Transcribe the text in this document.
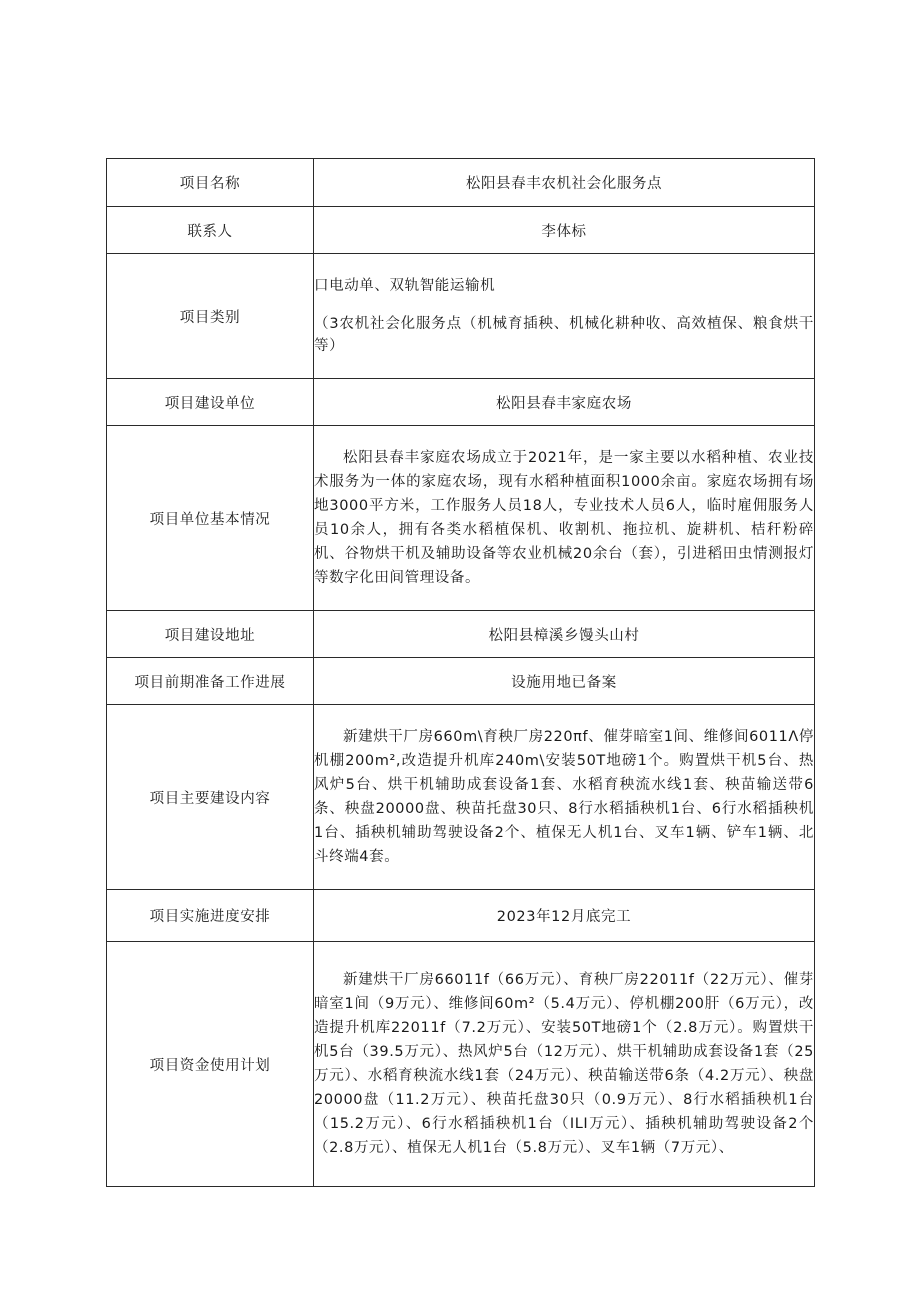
项目名称	松阳县春丰农机社会化服务点
联系人	李体标
项目类别	口电动单、双轨智能运输机
（3农机社会化服务点（机械育插秧、机械化耕种收、高效植保、粮食烘干等）

项目建设单位	松阳县春丰家庭农场
项目单位基本情况	松阳县春丰家庭农场成立于2021年，是一家主要以水稻种植、农业技术服务为一体的家庭农场，现有水稻种植面积1000余亩。家庭农场拥有场地3000平方米，工作服务人员18人，专业技术人员6人，临时雇佣服务人员10余人，拥有各类水稻植保机、收割机、拖拉机、旋耕机、桔秆粉碎机、谷物烘干机及辅助设备等农业机械20余台（套），引进稻田虫情测报灯等数字化田间管理设备。
项目建设地址	松阳县樟溪乡馒头山村
项目前期准备工作进展	设施用地已备案
项目主要建设内容	新建烘干厂房660m\育秧厂房220πf、催芽暗室1间、维修间6011Λ停机棚200m²,改造提升机库240m\安装50T地磅1个。购置烘干机5台、热风炉5台、烘干机辅助成套设备1套、水稻育秧流水线1套、秧苗输送带6条、秧盘20000盘、秧苗托盘30只、8行水稻插秧机1台、6行水稻插秧机1台、插秧机辅助驾驶设备2个、植保无人机1台、叉车1辆、铲车1辆、北斗终端4套。
项目实施进度安排	2023年12月底完工
项目资金使用计划	新建烘干厂房66011f（66万元）、育秧厂房22011f（22万元）、催芽暗室1间（9万元）、维修间60m²（5.4万元）、停机棚200肝（6万元），改造提升机库22011f（7.2万元）、安装50T地磅1个（2.8万元）。购置烘干机5台（39.5万元）、热风炉5台（12万元）、烘干机辅助成套设备1套（25万元）、水稻育秧流水线1套（24万元）、秧苗输送带6条（4.2万元）、秧盘20000盘（11.2万元）、秧苗托盘30只（0.9万元）、8行水稻插秧机1台（15.2万元）、6行水稻插秧机1台（ILI万元）、插秧机辅助驾驶设备2个（2.8万元）、植保无人机1台（5.8万元）、叉车1辆（7万元）、
